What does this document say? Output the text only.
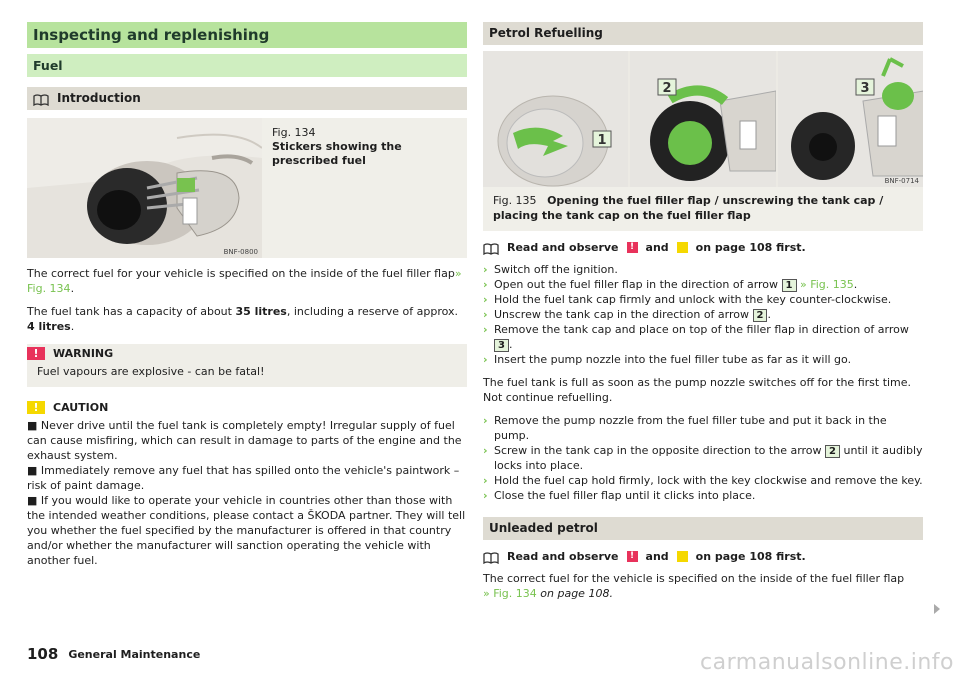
Inspecting and replenishing
Fuel
Introduction
BNF-0800
Fig. 134
Stickers showing the prescribed fuel

The correct fuel for your vehicle is specified on the inside of the fuel filler flap» Fig. 134.

The fuel tank has a capacity of about 35 litres, including a reserve of approx. 4 litres.

!	WARNING
Fuel vapours are explosive - can be fatal!
!	CAUTION
■ Never drive until the fuel tank is completely empty! Irregular supply of fuel can cause misfiring, which can result in damage to parts of the engine and the exhaust system.
■ Immediately remove any fuel that has spilled onto the vehicle's paintwork – risk of paint damage.
■ If you would like to operate your vehicle in countries other than those with the intended weather conditions, please contact a ŠKODA partner. They will tell you whether the fuel specified by the manufacturer is offered in that country and/or whether the manufacturer will sanction operating the vehicle with another fuel.
Petrol Refuelling
1
2	3
BNF-0714
Fig. 135 Opening the fuel filler flap / unscrewing the tank cap / placing the tank cap on the fuel filler flap
Read and observe	!	and on page 108 first.
› Switch off the ignition.
› Open out the fuel filler flap in the direction of arrow 1 » Fig. 135.
› Hold the fuel tank cap firmly and unlock with the key counter-clockwise.
› Unscrew the tank cap in the direction of arrow 2 .
› Remove the tank cap and place on top of the filler flap in direction of arrow 3 .
› Insert the pump nozzle into the fuel filler tube as far as it will go.

The fuel tank is full as soon as the pump nozzle switches off for the first time. Not continue refuelling.

› Remove the pump nozzle from the fuel filler tube and put it back in the pump.
› Screw in the tank cap in the opposite direction to the arrow 2 until it audibly locks into place.
› Hold the fuel cap hold firmly, lock with the key clockwise and remove the key.
› Close the fuel filler flap until it clicks into place.
Unleaded petrol
Read and observe	!	and on page 108 first.

The correct fuel for the vehicle is specified on the inside of the fuel filler flap
» Fig. 134 on page 108.

108 General Maintenance	carmanualsonline.info
